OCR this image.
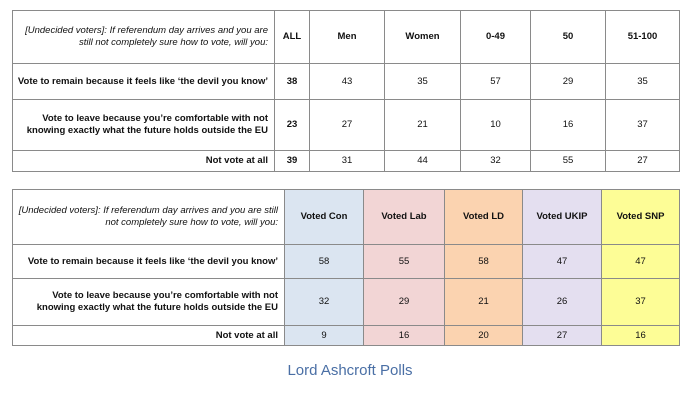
[Undecided voters]: If referendum day arrives and you are still not completely sure how to vote, will you:	ALL	Men	Women	0-49	50	51-100
Vote to remain because it feels like ‘the devil you know’	38	43	35	57	29	35
Vote to leave because you’re comfortable with not knowing exactly what the future holds outside the EU	23	27	21	10	16	37
Not vote at all	39	31	44	32	55	27
[Undecided voters]: If referendum day arrives and you are still not completely sure how to vote, will you:	Voted Con	Voted Lab	Voted LD	Voted UKIP	Voted SNP
Vote to remain because it feels like ‘the devil you know’	58	55	58	47	47
Vote to leave because you’re comfortable with not knowing exactly what the future holds outside the EU	32	29	21	26	37
Not vote at all	9	16	20	27	16
Lord Ashcroft Polls
